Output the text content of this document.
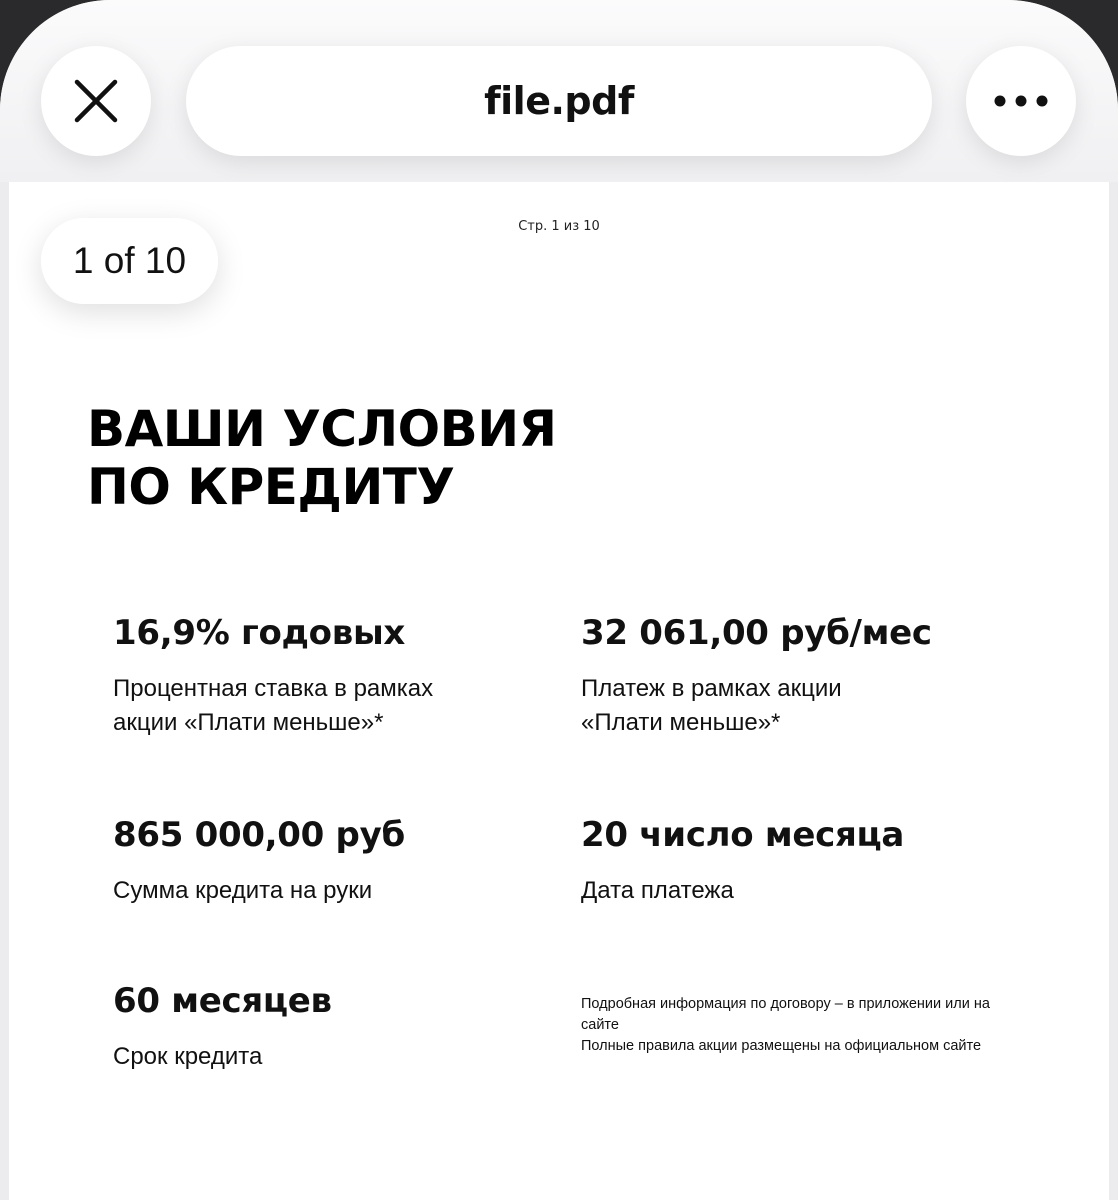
file.pdf
Стр. 1 из 10
ВАШИ УСЛОВИЯ
ПО КРЕДИТУ
16,9% годовых
Процентная ставка в рамках
акции «Плати меньше»*
32 061,00 руб/мес
Платеж в рамках акции
«Плати меньше»*
865 000,00 руб
Сумма кредита на руки
20 число месяца
Дата платежа
60 месяцев
Срок кредита

Подробная информация по договору – в приложении или на сайте

Полные правила акции размещены на официальном сайте

1 of 10
